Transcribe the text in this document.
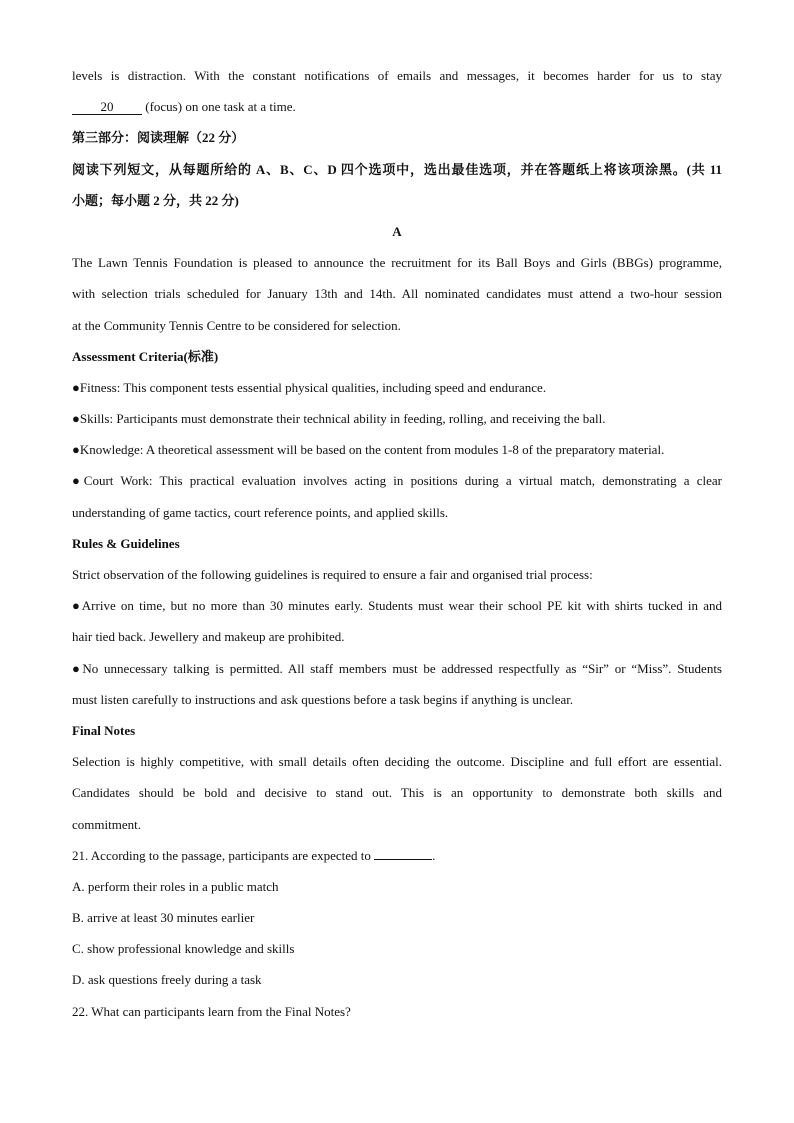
levels is distraction. With the constant notifications of emails and messages, it becomes harder for us to stay
20 (focus) on one task at a time.
第三部分：阅读理解（22 分）
阅读下列短文，从每题所给的 A、B、C、D 四个选项中，选出最佳选项，并在答题纸上将该项涂黑。(共 11
小题；每小题 2 分，共 22 分)
A
The Lawn Tennis Foundation is pleased to announce the recruitment for its Ball Boys and Girls (BBGs) programme,
with selection trials scheduled for January 13th and 14th. All nominated candidates must attend a two-hour session
at the Community Tennis Centre to be considered for selection.
Assessment Criteria(标准)
●Fitness: This component tests essential physical qualities, including speed and endurance.
●Skills: Participants must demonstrate their technical ability in feeding, rolling, and receiving the ball.
●Knowledge: A theoretical assessment will be based on the content from modules 1-8 of the preparatory material.
●Court Work: This practical evaluation involves acting in positions during a virtual match, demonstrating a clear
understanding of game tactics, court reference points, and applied skills.
Rules & Guidelines
Strict observation of the following guidelines is required to ensure a fair and organised trial process:
●Arrive on time, but no more than 30 minutes early. Students must wear their school PE kit with shirts tucked in and
hair tied back. Jewellery and makeup are prohibited.
●No unnecessary talking is permitted. All staff members must be addressed respectfully as “Sir” or “Miss”. Students
must listen carefully to instructions and ask questions before a task begins if anything is unclear.
Final Notes
Selection is highly competitive, with small details often deciding the outcome. Discipline and full effort are essential.
Candidates should be bold and decisive to stand out. This is an opportunity to demonstrate both skills and
commitment.
21. According to the passage, participants are expected to	.
A. perform their roles in a public match
B. arrive at least 30 minutes earlier
C. show professional knowledge and skills
D. ask questions freely during a task
22. What can participants learn from the Final Notes?
